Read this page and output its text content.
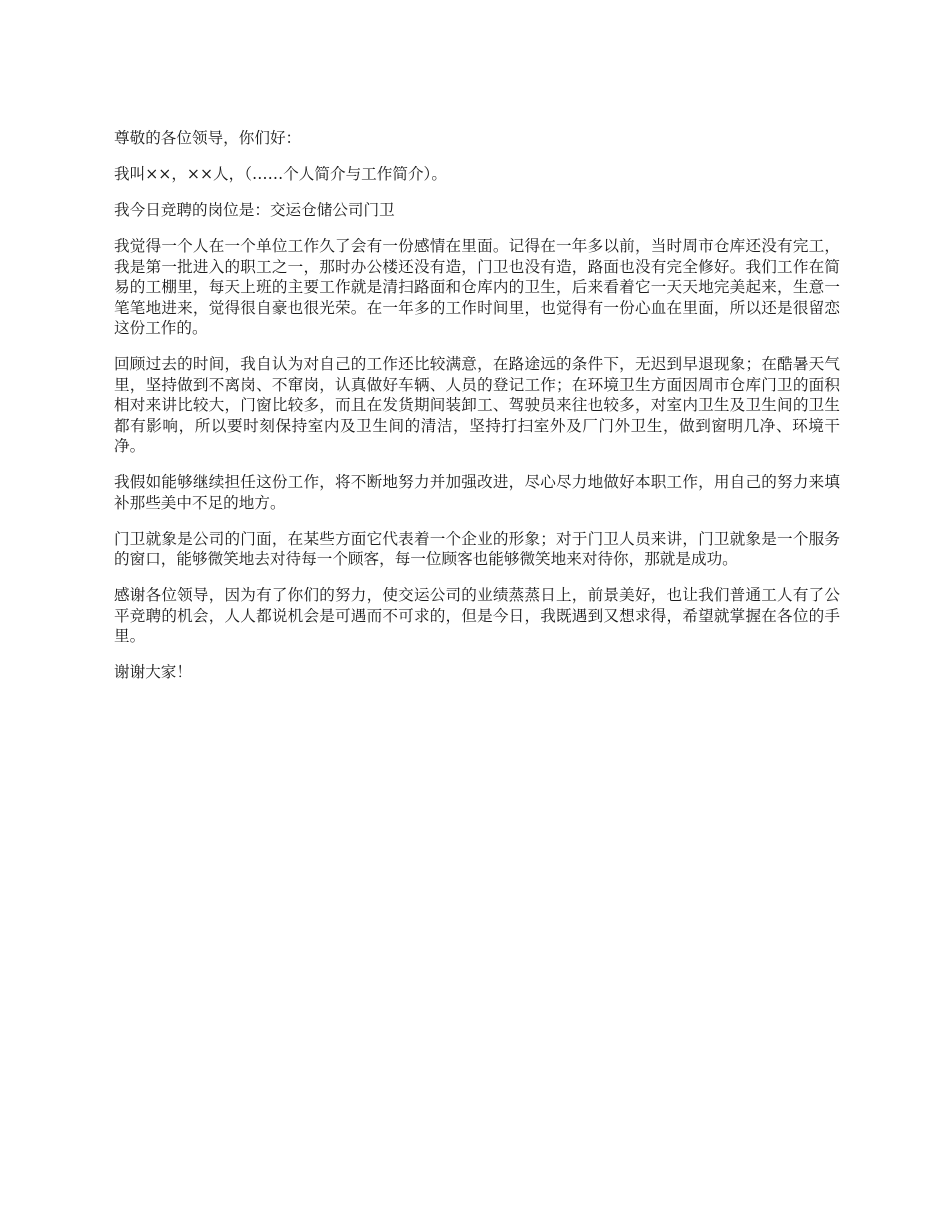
尊敬的各位领导，你们好：

我叫××，××人，（……个人简介与工作简介）。

我今日竞聘的岗位是：交运仓储公司门卫

我觉得一个人在一个单位工作久了会有一份感情在里面。记得在一年多以前，当时周市仓库还没有完工，我是第一批进入的职工之一，那时办公楼还没有造，门卫也没有造，路面也没有完全修好。我们工作在简易的工棚里，每天上班的主要工作就是清扫路面和仓库内的卫生，后来看着它一天天地完美起来，生意一笔笔地进来，觉得很自豪也很光荣。在一年多的工作时间里，也觉得有一份心血在里面，所以还是很留恋这份工作的。

回顾过去的时间，我自认为对自己的工作还比较满意，在路途远的条件下，无迟到早退现象；在酷暑天气里，坚持做到不离岗、不窜岗，认真做好车辆、人员的登记工作；在环境卫生方面因周市仓库门卫的面积相对来讲比较大，门窗比较多，而且在发货期间装卸工、驾驶员来往也较多，对室内卫生及卫生间的卫生都有影响，所以要时刻保持室内及卫生间的清洁，坚持打扫室外及厂门外卫生，做到窗明几净、环境干净。

我假如能够继续担任这份工作，将不断地努力并加强改进，尽心尽力地做好本职工作，用自己的努力来填补那些美中不足的地方。

门卫就象是公司的门面，在某些方面它代表着一个企业的形象；对于门卫人员来讲，门卫就象是一个服务的窗口，能够微笑地去对待每一个顾客，每一位顾客也能够微笑地来对待你，那就是成功。

感谢各位领导，因为有了你们的努力，使交运公司的业绩蒸蒸日上，前景美好，也让我们普通工人有了公平竞聘的机会，人人都说机会是可遇而不可求的，但是今日，我既遇到又想求得，希望就掌握在各位的手里。

谢谢大家！
